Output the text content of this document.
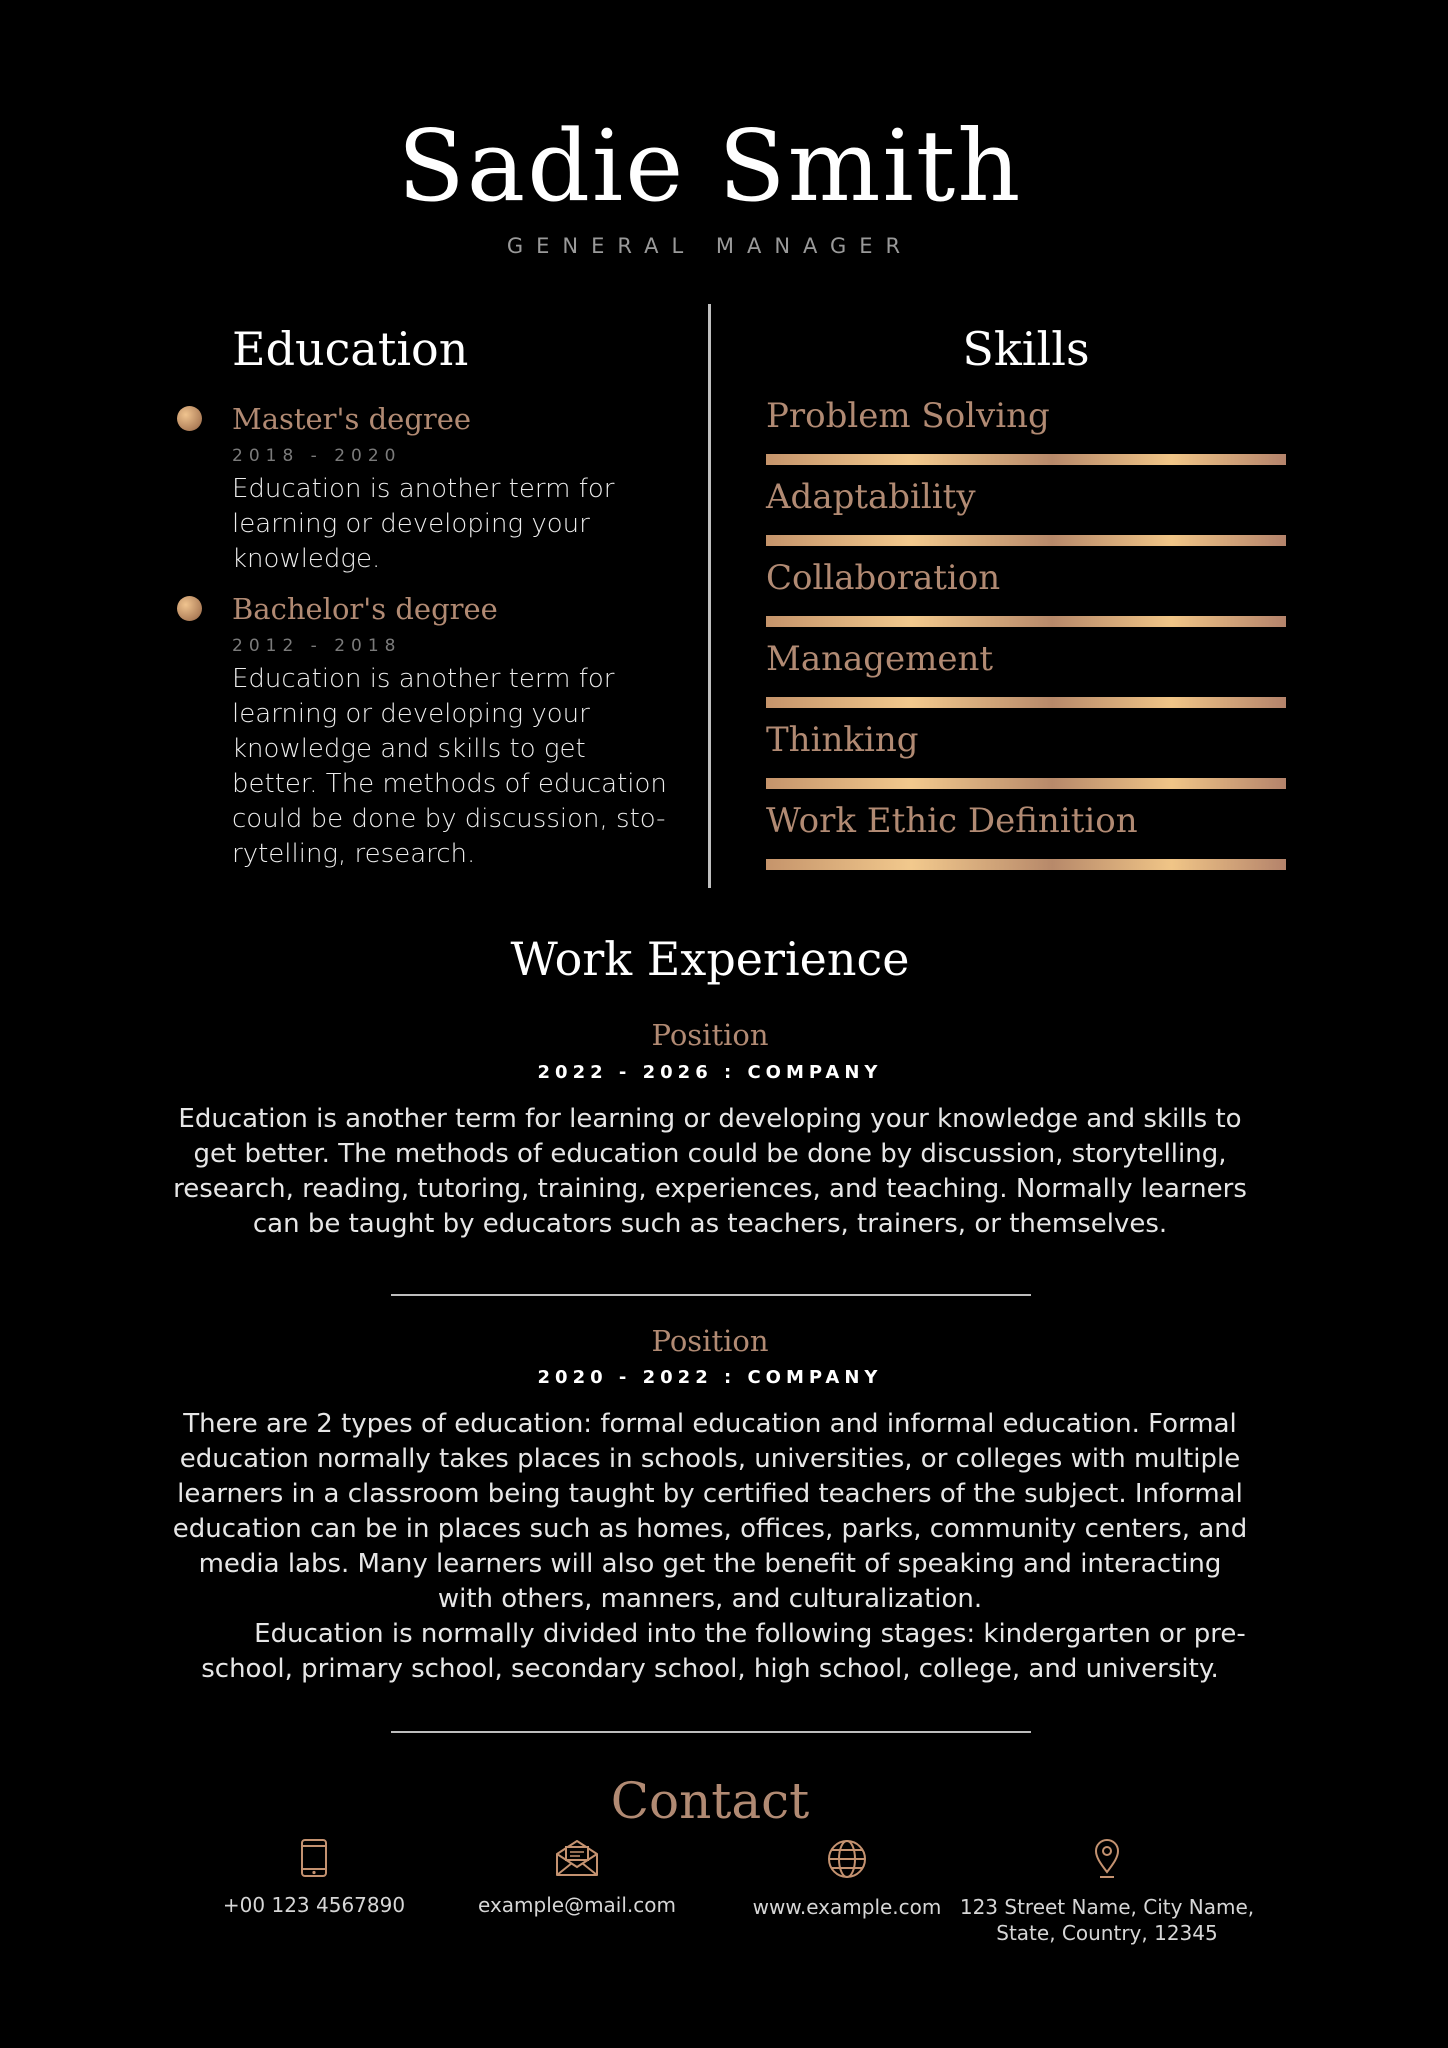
Sadie Smith
GENERAL MANAGER
Education
Master's degree
2018 - 2020
Education is another term for learning or developing your knowledge.
Bachelor's degree
2012 - 2018
Education is another term for learning or developing your knowledge and skills to get better. The methods of education could be done by discussion, sto-rytelling, research.
Skills
Problem Solving
Adaptability
Collaboration
Management
Thinking
Work Ethic Definition
Work Experience
Position
2022 - 2026 : COMPANY
Education is another term for learning or developing your knowledge and skills to get better. The methods of education could be done by discussion, storytelling, research, reading, tutoring, training, experiences, and teaching. Normally learners can be taught by educators such as teachers, trainers, or themselves.
Position
2020 - 2022 : COMPANY
There are 2 types of education: formal education and informal education. Formal education normally takes places in schools, universities, or colleges with multiple learners in a classroom being taught by certified teachers of the subject. Informal education can be in places such as homes, offices, parks, community centers, and media labs. Many learners will also get the benefit of speaking and interacting with others, manners, and culturalization.
Education is normally divided into the following stages: kindergarten or pre-school, primary school, secondary school, high school, college, and university.
Contact
+00 123 4567890	example@mail.com	www.example.com 123 Street Name, City Name,
State, Country, 12345
